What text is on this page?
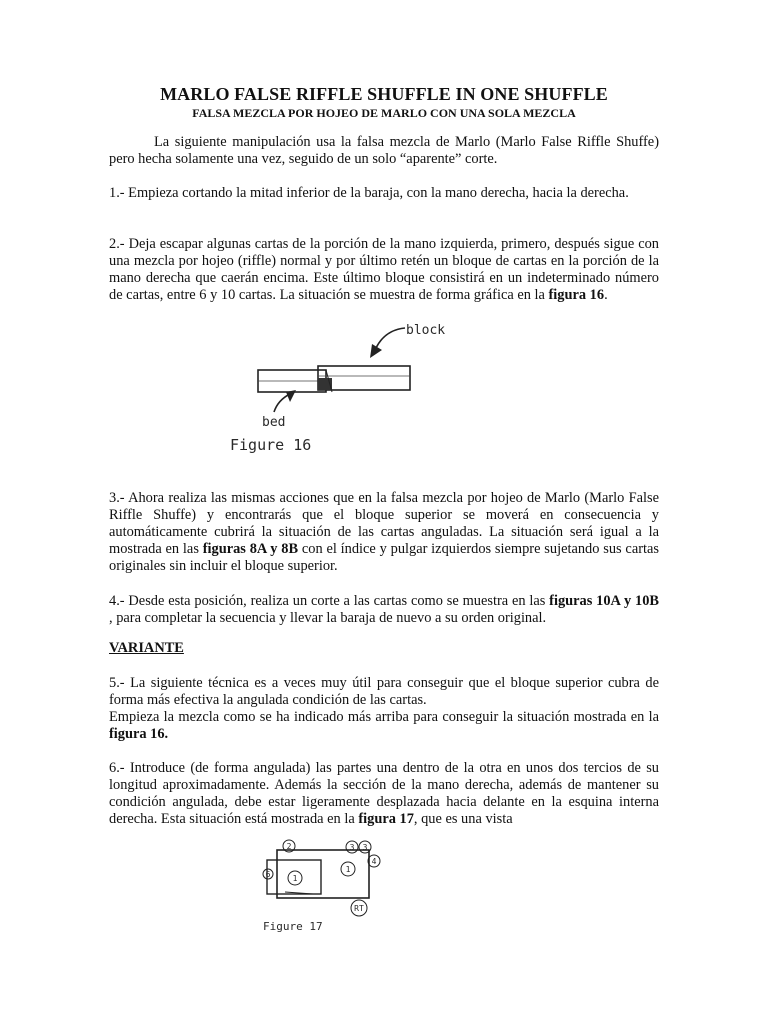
MARLO FALSE RIFFLE SHUFFLE IN ONE SHUFFLE
FALSA MEZCLA POR HOJEO DE MARLO CON UNA SOLA MEZCLA
La siguiente manipulación usa la falsa mezcla de Marlo (Marlo False Riffle Shuffe) pero hecha solamente una vez, seguido de un solo “aparente” corte.
1.- Empieza cortando la mitad inferior de la baraja, con la mano derecha, hacia la derecha.
2.- Deja escapar algunas cartas de la porción de la mano izquierda, primero, después sigue con una mezcla por hojeo (riffle) normal y por último retén un bloque de cartas en la porción de la mano derecha que caerán encima. Este último bloque consistirá en un indeterminado número de cartas, entre 6 y 10 cartas. La situación se muestra de forma gráfica en la figura 16.
block
bed
Figure 16
3.- Ahora realiza las mismas acciones que en la falsa mezcla por hojeo de Marlo (Marlo False Riffle Shuffe) y encontrarás que el bloque superior se moverá en consecuencia y automáticamente cubrirá la situación de las cartas anguladas. La situación será igual a la mostrada en las figuras 8A y 8B con el índice y pulgar izquierdos siempre sujetando sus cartas originales sin incluir el bloque superior.
4.- Desde esta posición, realiza un corte a las cartas como se muestra en las figuras 10A y 10B , para completar la secuencia y llevar la baraja de nuevo a su orden original.
VARIANTE
5.- La siguiente técnica es a veces muy útil para conseguir que el bloque superior cubra de forma más efectiva la angulada condición de las cartas.
Empieza la mezcla como se ha indicado más arriba para conseguir la situación mostrada en la figura 16.
6.- Introduce (de forma angulada) las partes una dentro de la otra en unos dos tercios de su longitud aproximadamente. Además la sección de la mano derecha, además de mantener su condición angulada, debe estar ligeramente desplazada hacia delante en la esquina interna derecha. Esta situación está mostrada en la figura 17, que es una vista
2	3 3
4
1
1
6
RT
Figure 17
